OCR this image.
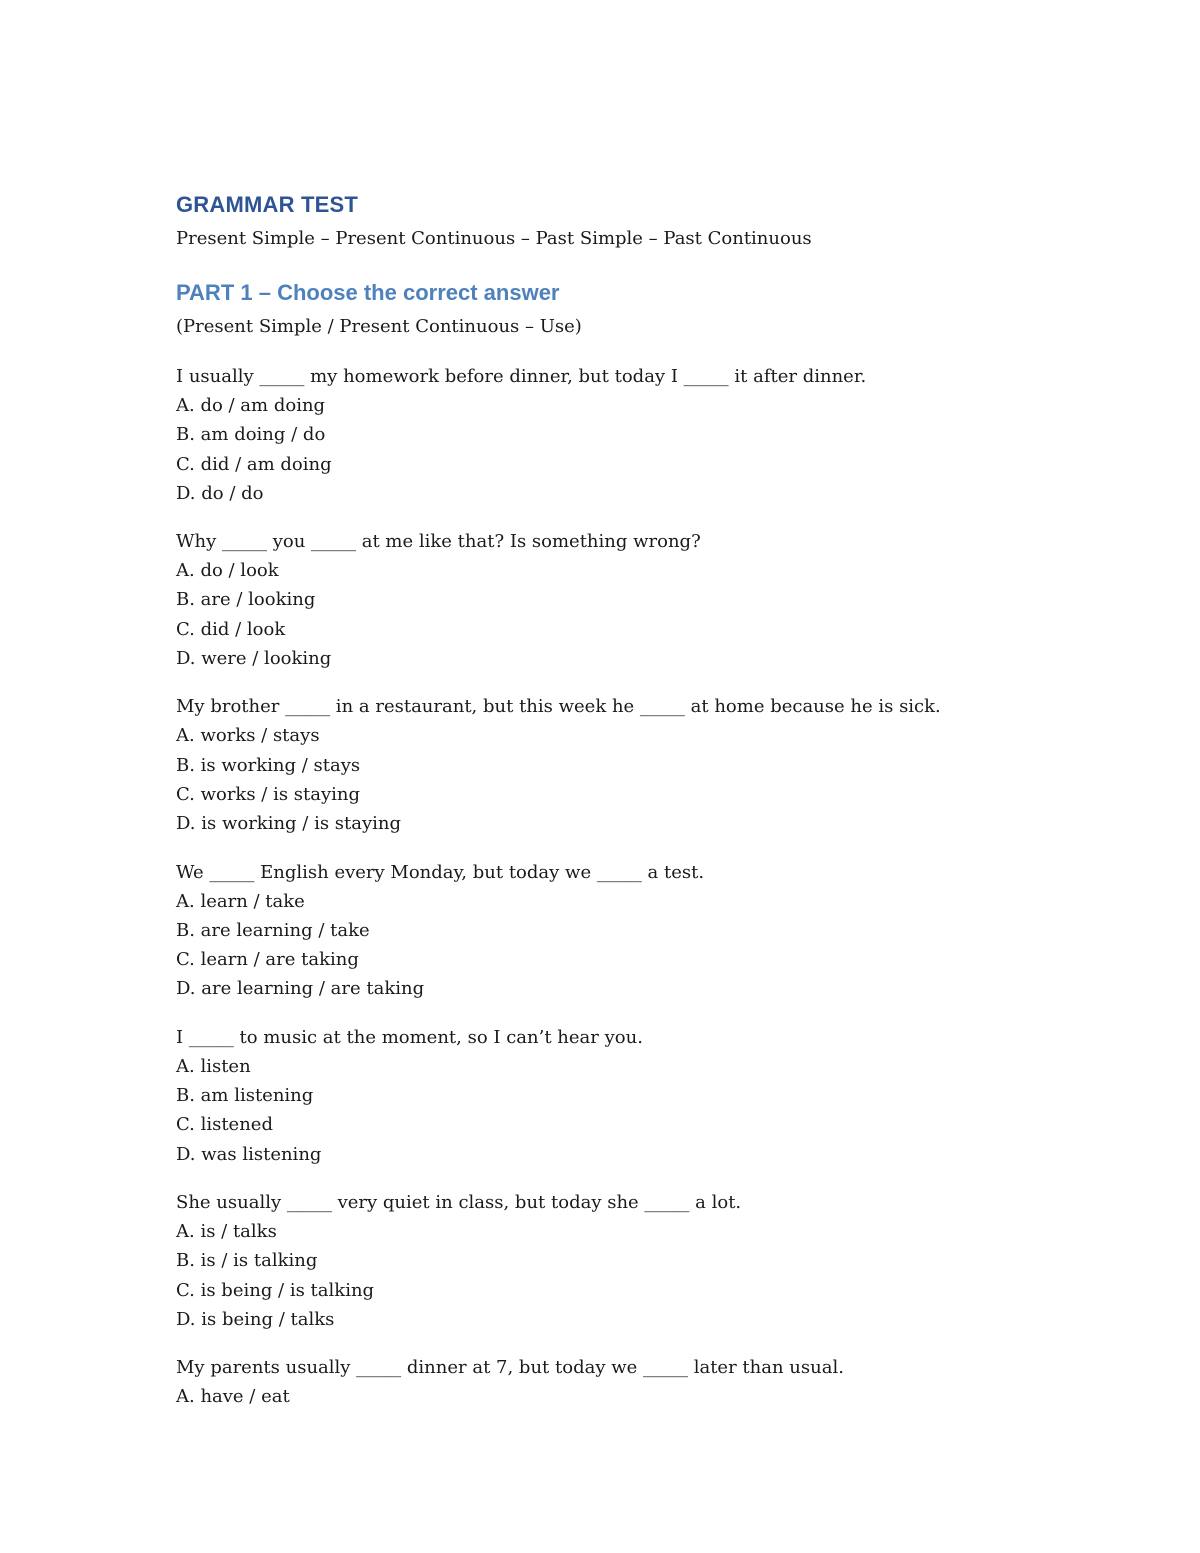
GRAMMAR TEST

Present Simple – Present Continuous – Past Simple – Past Continuous

PART 1 – Choose the correct answer

(Present Simple / Present Continuous – Use)

I usually _____ my homework before dinner, but today I _____ it after dinner.
A. do / am doing
B. am doing / do
C. did / am doing
D. do / do
Why _____ you _____ at me like that? Is something wrong?
A. do / look
B. are / looking
C. did / look
D. were / looking
My brother _____ in a restaurant, but this week he _____ at home because he is sick.
A. works / stays
B. is working / stays
C. works / is staying
D. is working / is staying
We _____ English every Monday, but today we _____ a test.
A. learn / take
B. are learning / take
C. learn / are taking
D. are learning / are taking
I _____ to music at the moment, so I can’t hear you.
A. listen
B. am listening
C. listened
D. was listening
She usually _____ very quiet in class, but today she _____ a lot.
A. is / talks
B. is / is talking
C. is being / is talking
D. is being / talks
My parents usually _____ dinner at 7, but today we _____ later than usual.
A. have / eat
